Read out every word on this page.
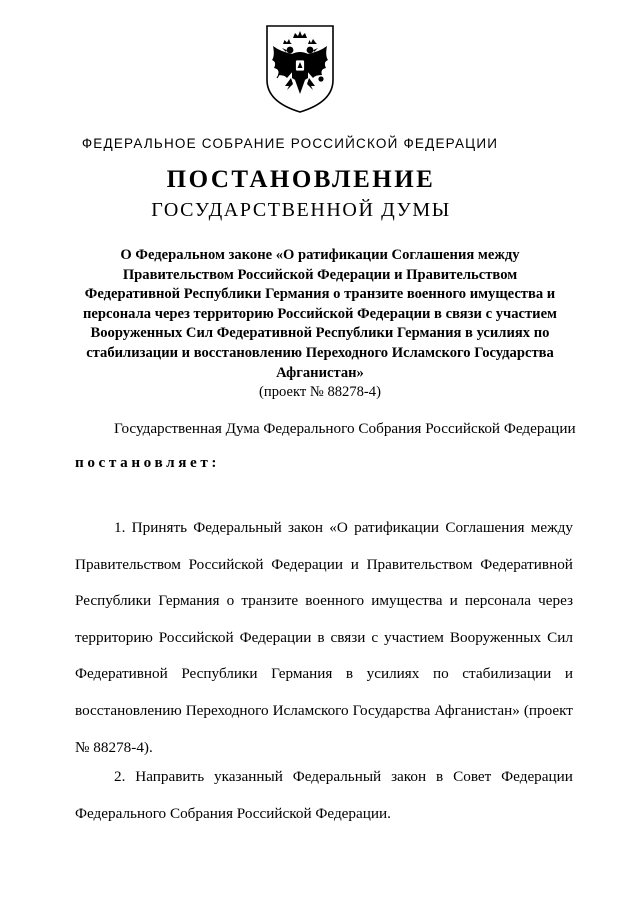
ФЕДЕРАЛЬНОЕ СОБРАНИЕ РОССИЙСКОЙ ФЕДЕРАЦИИ
ПОСТАНОВЛЕНИЕ
ГОСУДАРСТВЕННОЙ ДУМЫ
О Федеральном законе «О ратификации Соглашения между
Правительством Российской Федерации и Правительством
Федеративной Республики Германия о транзите военного имущества и
персонала через территорию Российской Федерации в связи с участием
Вооруженных Сил Федеративной Республики Германия в усилиях по
стабилизации и восстановлению Переходного Исламского Государства
Афганистан»
(проект № 88278-4)
Государственная Дума Федерального Собрания Российской Федерации
постановляет:
1. Принять Федеральный закон «О ратификации Соглашения между
Правительством Российской Федерации и Правительством Федеративной
Республики Германия о транзите военного имущества и персонала через
территорию Российской Федерации в связи с участием Вооруженных Сил
Федеративной Республики Германия в усилиях по стабилизации и
восстановлению Переходного Исламского Государства Афганистан» (проект
№ 88278-4).
2. Направить указанный Федеральный закон в Совет Федерации
Федерального Собрания Российской Федерации.
